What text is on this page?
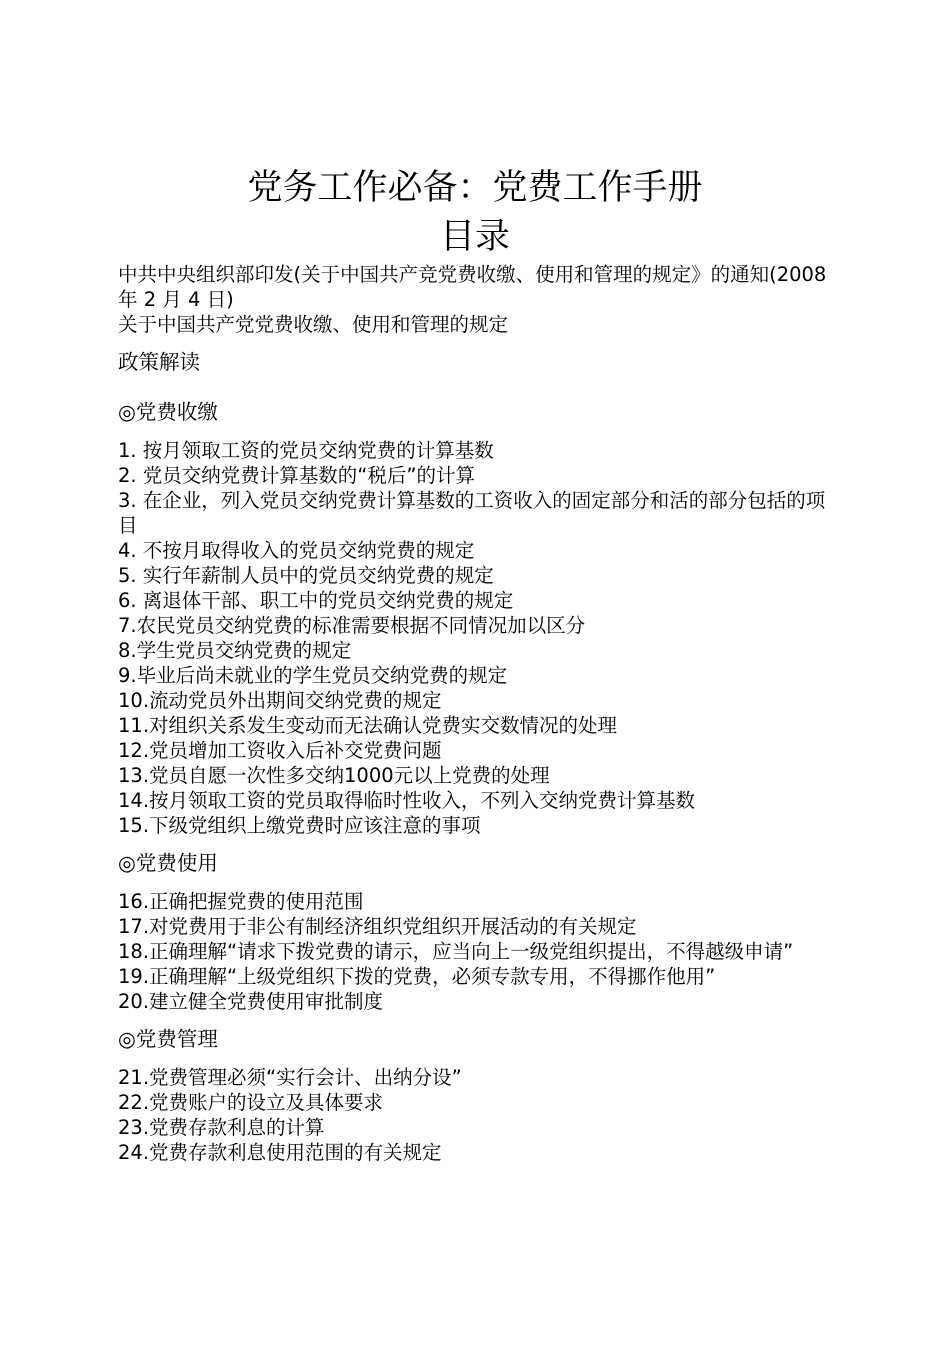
党务工作必备：党费工作手册
目录
中共中央组织部印发(关于中国共产竞党费收缴、使用和管理的规定》的通知(2008 年 2 月 4 日)
关于中国共产党党费收缴、使用和管理的规定
政策解读
◎党费收缴
1. 按月领取工资的党员交纳党费的计算基数
2. 党员交纳党费计算基数的“税后”的计算
3. 在企业，列入党员交纳党费计算基数的工资收入的固定部分和活的部分包括的项目
4. 不按月取得收入的党员交纳党费的规定
5. 实行年薪制人员中的党员交纳党费的规定
6. 离退体干部、职工中的党员交纳党费的规定
7.农民党员交纳党费的标准需要根据不同情况加以区分
8.学生党员交纳党费的规定
9.毕业后尚未就业的学生党员交纳党费的规定
10.流动党员外出期间交纳党费的规定
11.对组织关系发生变动而无法确认党费实交数情况的处理
12.党员增加工资收入后补交党费问题
13.党员自愿一次性多交纳1000元以上党费的处理
14.按月领取工资的党员取得临时性收入，不列入交纳党费计算基数
15.下级党组织上缴党费时应该注意的事项
◎党费使用
16.正确把握党费的使用范围
17.对党费用于非公有制经济组织党组织开展活动的有关规定
18.正确理解“请求下拨党费的请示，应当向上一级党组织提出，不得越级申请”
19.正确理解“上级党组织下拨的党费，必须专款专用，不得挪作他用”
20.建立健全党费使用审批制度
◎党费管理
21.党费管理必须“实行会计、出纳分设”
22.党费账户的设立及具体要求
23.党费存款利息的计算
24.党费存款利息使用范围的有关规定
